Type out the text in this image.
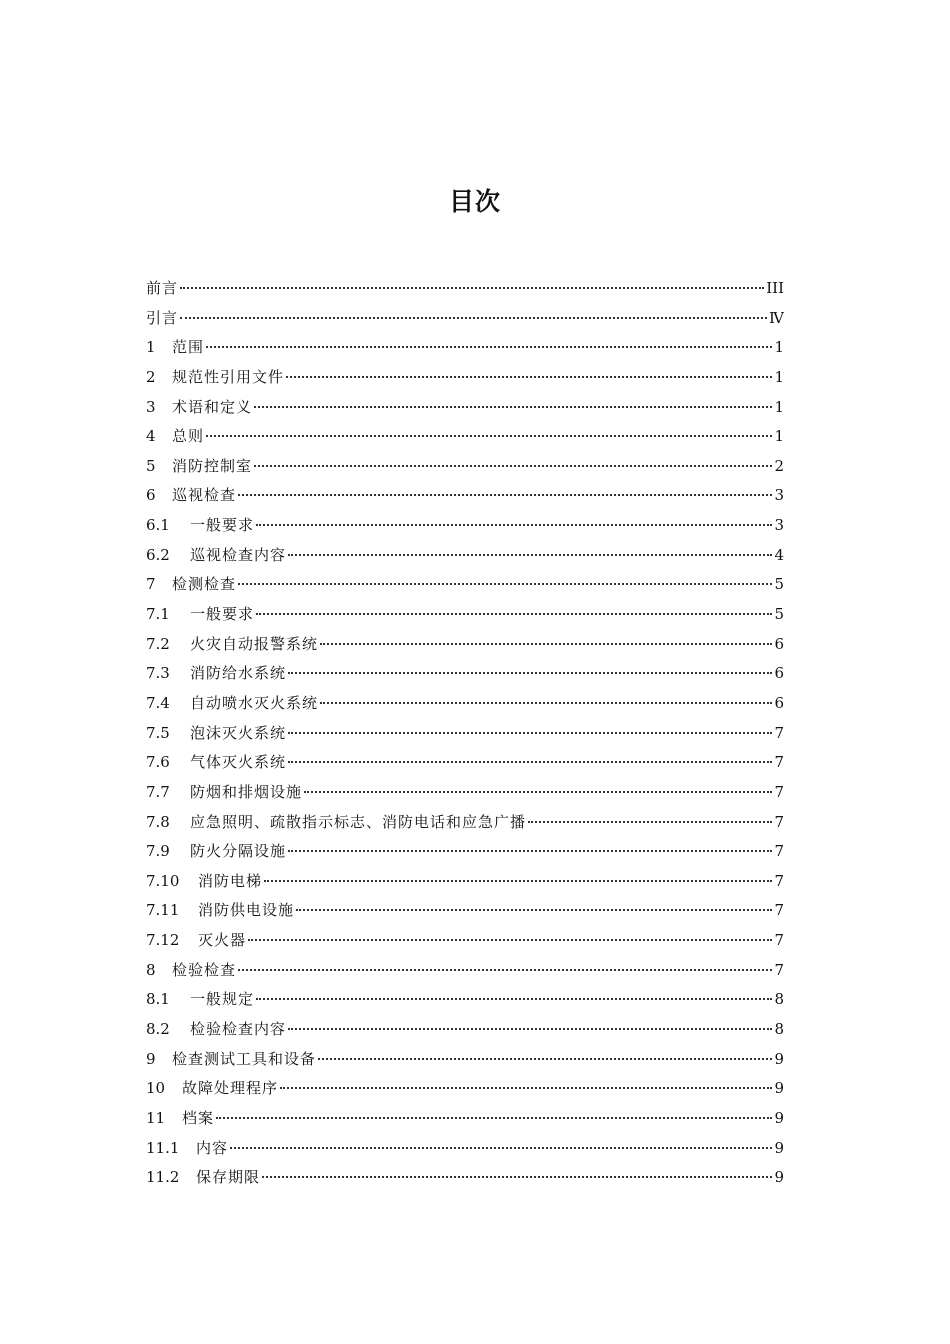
目次
前言	III
引言	Ⅳ
1	范围	1
2	规范性引用文件	1
3	术语和定义	1
4	总则	1
5	消防控制室	2
6	巡视检查	3
6.1	一般要求	3
6.2	巡视检查内容	4
7	检测检查	5
7.1	一般要求	5
7.2	火灾自动报警系统	6
7.3	消防给水系统	6
7.4	自动喷水灭火系统	6
7.5	泡沫灭火系统	7
7.6	气体灭火系统	7
7.7	防烟和排烟设施	7
7.8	应急照明、疏散指示标志、消防电话和应急广播	7
7.9	防火分隔设施	7
7.10	消防电梯	7
7.11	消防供电设施	7
7.12	灭火器	7
8	检验检查	7
8.1	一般规定	8
8.2	检验检查内容	8
9	检查测试工具和设备	9
10	故障处理程序	9
11	档案	9
11.1	内容	9
11.2	保存期限	9
